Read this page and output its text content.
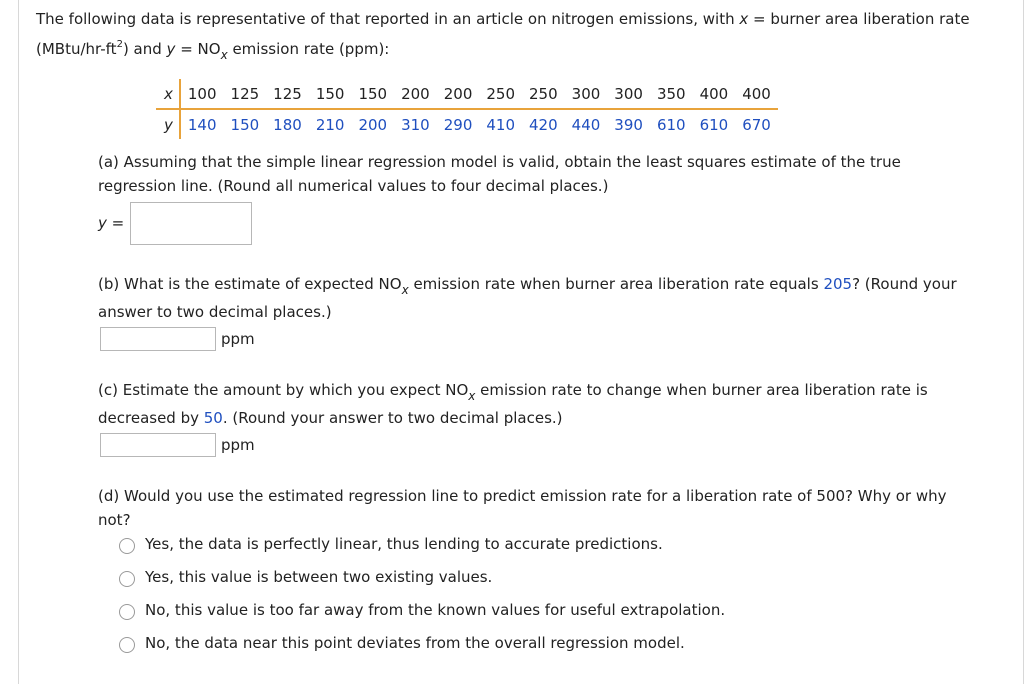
The following data is representative of that reported in an article on nitrogen emissions, with x = burner area liberation rate
$(MBtu/hr-ft^2)$ and $y = NO_x$ emission rate (ppm):
x	100	125	125	150	150	200	200	250	250	300	300	350	400	400
y	140	150	180	210	200	310	290	410	420	440	390	610	610	670
(a) Assuming that the simple linear regression model is valid, obtain the least squares estimate of the true
regression line. (Round all numerical values to four decimal places.)
y =
(b) What is the estimate of expected $NO_x$ emission rate when burner area liberation rate equals 205? (Round your
answer to two decimal places.)
ppm
(c) Estimate the amount by which you expect $NO_x$ emission rate to change when burner area liberation rate is
decreased by 50. (Round your answer to two decimal places.)
ppm
(d) Would you use the estimated regression line to predict emission rate for a liberation rate of 500? Why or why
not?
Yes, the data is perfectly linear, thus lending to accurate predictions.
Yes, this value is between two existing values.
No, this value is too far away from the known values for useful extrapolation.
No, the data near this point deviates from the overall regression model.
